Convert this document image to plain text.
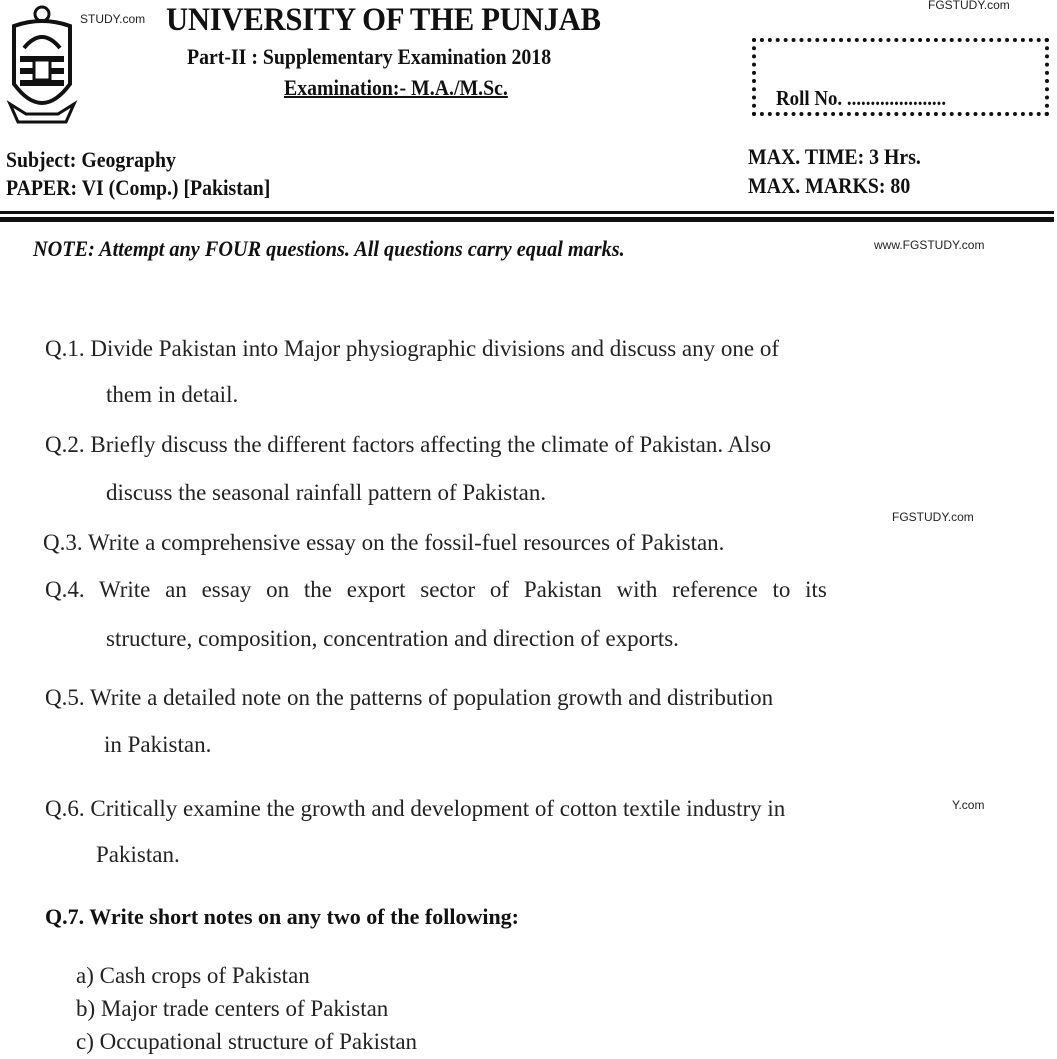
STUDY.com
FGSTUDY.com
UNIVERSITY OF THE PUNJAB
Part-II : Supplementary Examination 2018
Examination:- M.A./M.Sc.	Roll No. .....................
Subject: Geography
PAPER: VI (Comp.) [Pakistan]
MAX. TIME: 3 Hrs.
MAX. MARKS: 80
NOTE: Attempt any FOUR questions. All questions carry equal marks.	www.FGSTUDY.com
Q.1. Divide Pakistan into Major physiographic divisions and discuss any one of
them in detail.
Q.2. Briefly discuss the different factors affecting the climate of Pakistan. Also
discuss the seasonal rainfall pattern of Pakistan.
FGSTUDY.com
Q.3. Write a comprehensive essay on the fossil-fuel resources of Pakistan.
Q.4. Write an essay on the export sector of Pakistan with reference to its
structure, composition, concentration and direction of exports.
Q.5. Write a detailed note on the patterns of population growth and distribution
in Pakistan.
Q.6. Critically examine the growth and development of cotton textile industry in	Y.com
Pakistan.
Q.7. Write short notes on any two of the following:
a) Cash crops of Pakistan
b) Major trade centers of Pakistan
c) Occupational structure of Pakistan
